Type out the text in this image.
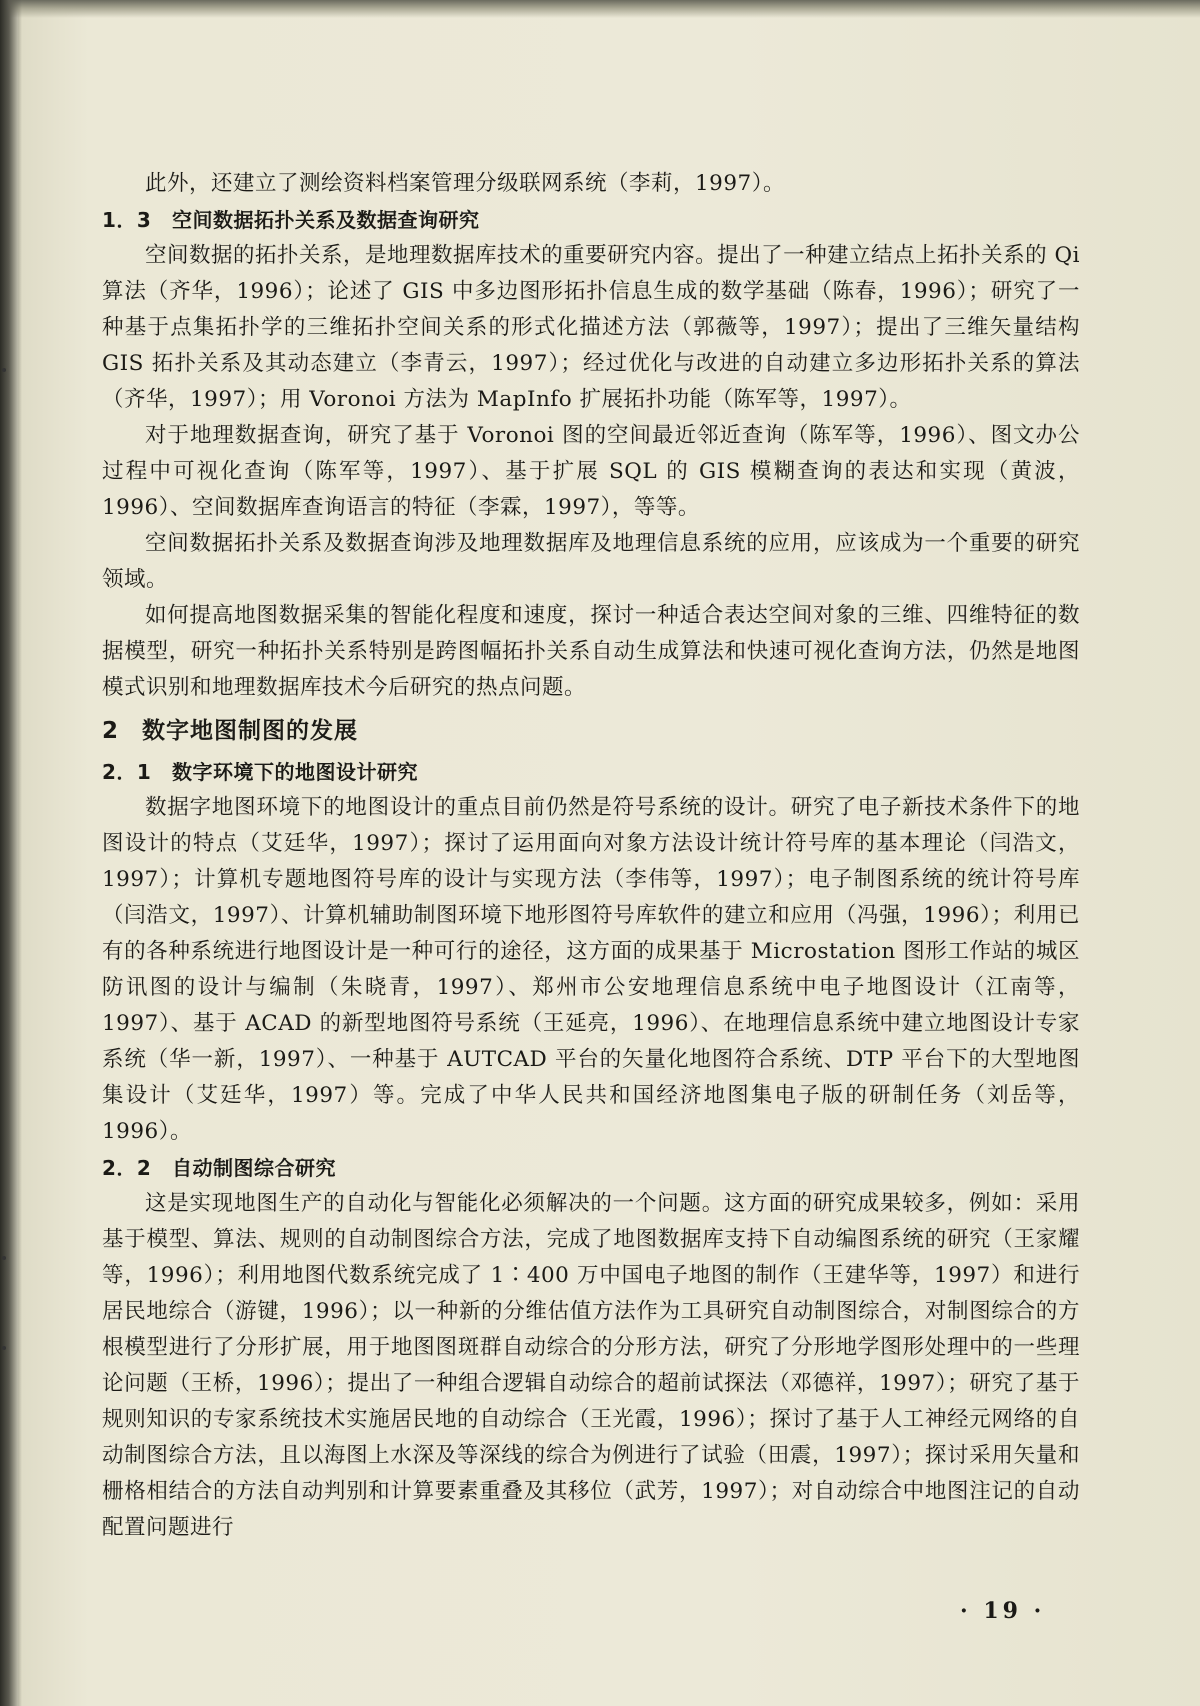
此外，还建立了测绘资料档案管理分级联网系统（李莉，1997）。

1．3 空间数据拓扑关系及数据查询研究

空间数据的拓扑关系，是地理数据库技术的重要研究内容。提出了一种建立结点上拓扑关系的 Qi 算法（齐华，1996）；论述了 GIS 中多边图形拓扑信息生成的数学基础（陈春，1996）；研究了一种基于点集拓扑学的三维拓扑空间关系的形式化描述方法（郭薇等，1997）；提出了三维矢量结构 GIS 拓扑关系及其动态建立（李青云，1997）；经过优化与改进的自动建立多边形拓扑关系的算法（齐华，1997）；用 Voronoi 方法为 MapInfo 扩展拓扑功能（陈军等，1997）。

对于地理数据查询，研究了基于 Voronoi 图的空间最近邻近查询（陈军等，1996）、图文办公过程中可视化查询（陈军等，1997）、基于扩展 SQL 的 GIS 模糊查询的表达和实现（黄波，1996）、空间数据库查询语言的特征（李霖，1997），等等。

空间数据拓扑关系及数据查询涉及地理数据库及地理信息系统的应用，应该成为一个重要的研究领域。

如何提高地图数据采集的智能化程度和速度，探讨一种适合表达空间对象的三维、四维特征的数据模型，研究一种拓扑关系特别是跨图幅拓扑关系自动生成算法和快速可视化查询方法，仍然是地图模式识别和地理数据库技术今后研究的热点问题。

2 数字地图制图的发展
2．1 数字环境下的地图设计研究

数据字地图环境下的地图设计的重点目前仍然是符号系统的设计。研究了电子新技术条件下的地图设计的特点（艾廷华，1997）；探讨了运用面向对象方法设计统计符号库的基本理论（闫浩文，1997）；计算机专题地图符号库的设计与实现方法（李伟等，1997）；电子制图系统的统计符号库（闫浩文，1997）、计算机辅助制图环境下地形图符号库软件的建立和应用（冯强，1996）；利用已有的各种系统进行地图设计是一种可行的途径，这方面的成果基于 Microstation 图形工作站的城区防讯图的设计与编制（朱晓青，1997）、郑州市公安地理信息系统中电子地图设计（江南等，1997）、基于 ACAD 的新型地图符号系统（王延亮，1996）、在地理信息系统中建立地图设计专家系统（华一新，1997）、一种基于 AUTCAD 平台的矢量化地图符合系统、DTP 平台下的大型地图集设计（艾廷华，1997）等。完成了中华人民共和国经济地图集电子版的研制任务（刘岳等，1996）。

2．2 自动制图综合研究

这是实现地图生产的自动化与智能化必须解决的一个问题。这方面的研究成果较多，例如：采用基于模型、算法、规则的自动制图综合方法，完成了地图数据库支持下自动编图系统的研究（王家耀等，1996）；利用地图代数系统完成了 1∶400 万中国电子地图的制作（王建华等，1997）和进行居民地综合（游键，1996）；以一种新的分维估值方法作为工具研究自动制图综合，对制图综合的方根模型进行了分形扩展，用于地图图斑群自动综合的分形方法，研究了分形地学图形处理中的一些理论问题（王桥，1996）；提出了一种组合逻辑自动综合的超前试探法（邓德祥，1997）；研究了基于规则知识的专家系统技术实施居民地的自动综合（王光霞，1996）；探讨了基于人工神经元网络的自动制图综合方法，且以海图上水深及等深线的综合为例进行了试验（田震，1997）；探讨采用矢量和栅格相结合的方法自动判别和计算要素重叠及其移位（武芳，1997）；对自动综合中地图注记的自动配置问题进行

· 19 ·
